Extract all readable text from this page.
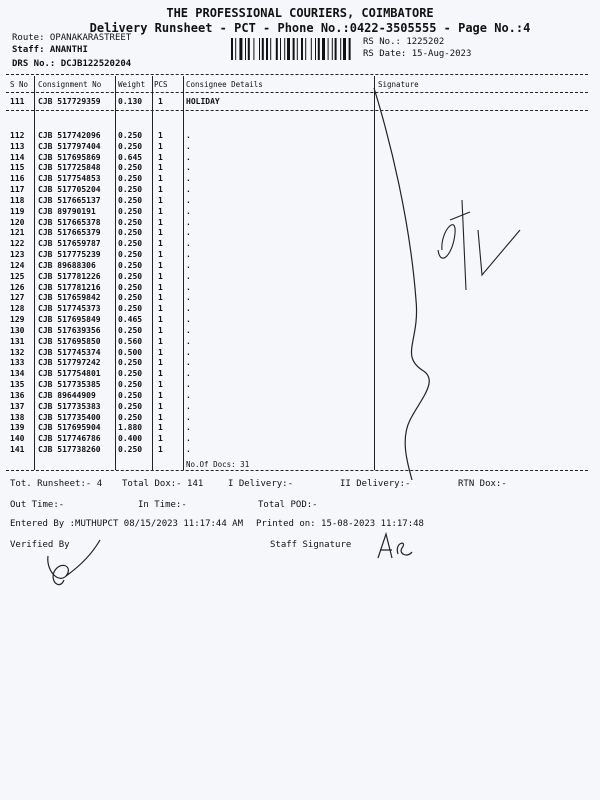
THE PROFESSIONAL COURIERS, COIMBATORE
Delivery Runsheet - PCT - Phone No.:0422-3505555 - Page No.:4
Route: OPANAKARASTREET
Staff: ANANTHI
DRS No.: DCJB122520204
RS No.: 1225202
RS Date: 15-Aug-2023
S No Consignment No Weight PCS Consignee Details	Signature
111 CJB 517729359 0.130 1	HOLIDAY
112 CJB 517742096 0.250 1	.
113 CJB 517797404 0.250 1	.
114 CJB 517695869 0.645 1	.
115 CJB 517725848 0.250 1	.
116 CJB 517754853 0.250 1	.
117 CJB 517705204 0.250 1	.
118 CJB 517665137 0.250 1	.
119 CJB 89790191	0.250 1	.
120 CJB 517665378 0.250 1	.
121 CJB 517665379 0.250 1	.
122 CJB 517659787 0.250 1	.
123 CJB 517775239 0.250 1	.
124 CJB 89688306	0.250 1	.
125 CJB 517781226 0.250 1	.
126 CJB 517781216 0.250 1	.
127 CJB 517659842 0.250 1	.
128 CJB 517745373 0.250 1	.
129 CJB 517695849 0.465 1	.
130 CJB 517639356 0.250 1	.
131 CJB 517695850 0.560 1	.
132 CJB 517745374 0.500 1	.
133 CJB 517797242 0.250 1	.
134 CJB 517754801 0.250 1	.
135 CJB 517735385 0.250 1	.
136 CJB 89644909	0.250 1	.
137 CJB 517735383 0.250 1	.
138 CJB 517735400 0.250 1	.
139 CJB 517695904 1.880 1	.
140 CJB 517746786 0.400 1	.
141 CJB 517738260 0.250 1	.
No.Of Docs: 31
Tot. Runsheet:- 4 Total Dox:- 141	I Delivery:-	II Delivery:-	RTN Dox:-
Out Time:-	In Time:-	Total POD:-
Entered By :MUTHUPCT 08/15/2023 11:17:44 AM Printed on: 15-08-2023 11:17:48
Verified By	Staff Signature
